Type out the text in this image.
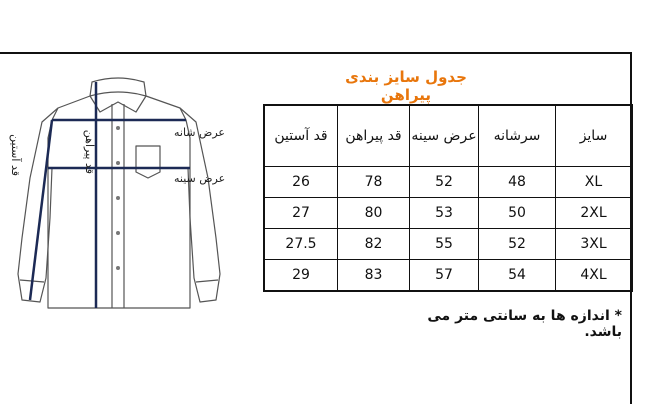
عرض شانه
عرض سینه
قد پیراهن
قد آستین
جدول سایز بندی پیراهن
قد آستین	قد پیراهن	عرض سینه	سرشانه	سایز
26	78	52	48	XL
27	80	53	50	2XL
27.5	82	55	52	3XL
29	83	57	54	4XL
* اندازه ها به سانتی متر می باشد.
